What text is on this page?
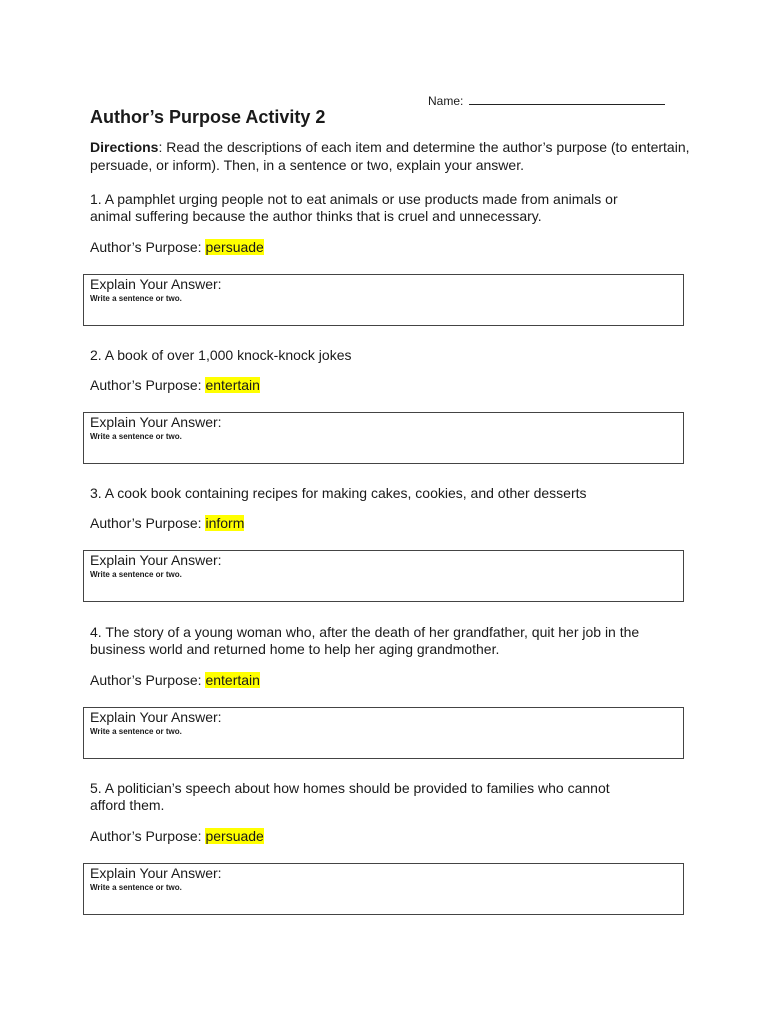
Name:
Author’s Purpose Activity 2
Directions: Read the descriptions of each item and determine the author’s purpose (to entertain, persuade, or inform). Then, in a sentence or two, explain your answer.

1. A pamphlet urging people not to eat animals or use products made from animals or animal suffering because the author thinks that is cruel and unnecessary.

Author’s Purpose: persuade
Explain Your Answer:
Write a sentence or two.

2. A book of over 1,000 knock-knock jokes

Author’s Purpose: entertain
Explain Your Answer:
Write a sentence or two.

3. A cook book containing recipes for making cakes, cookies, and other desserts

Author’s Purpose: inform
Explain Your Answer:
Write a sentence or two.

4. The story of a young woman who, after the death of her grandfather, quit her job in the business world and returned home to help her aging grandmother.

Author’s Purpose: entertain
Explain Your Answer:
Write a sentence or two.

5. A politician’s speech about how homes should be provided to families who cannot afford them.

Author’s Purpose: persuade
Explain Your Answer:
Write a sentence or two.
